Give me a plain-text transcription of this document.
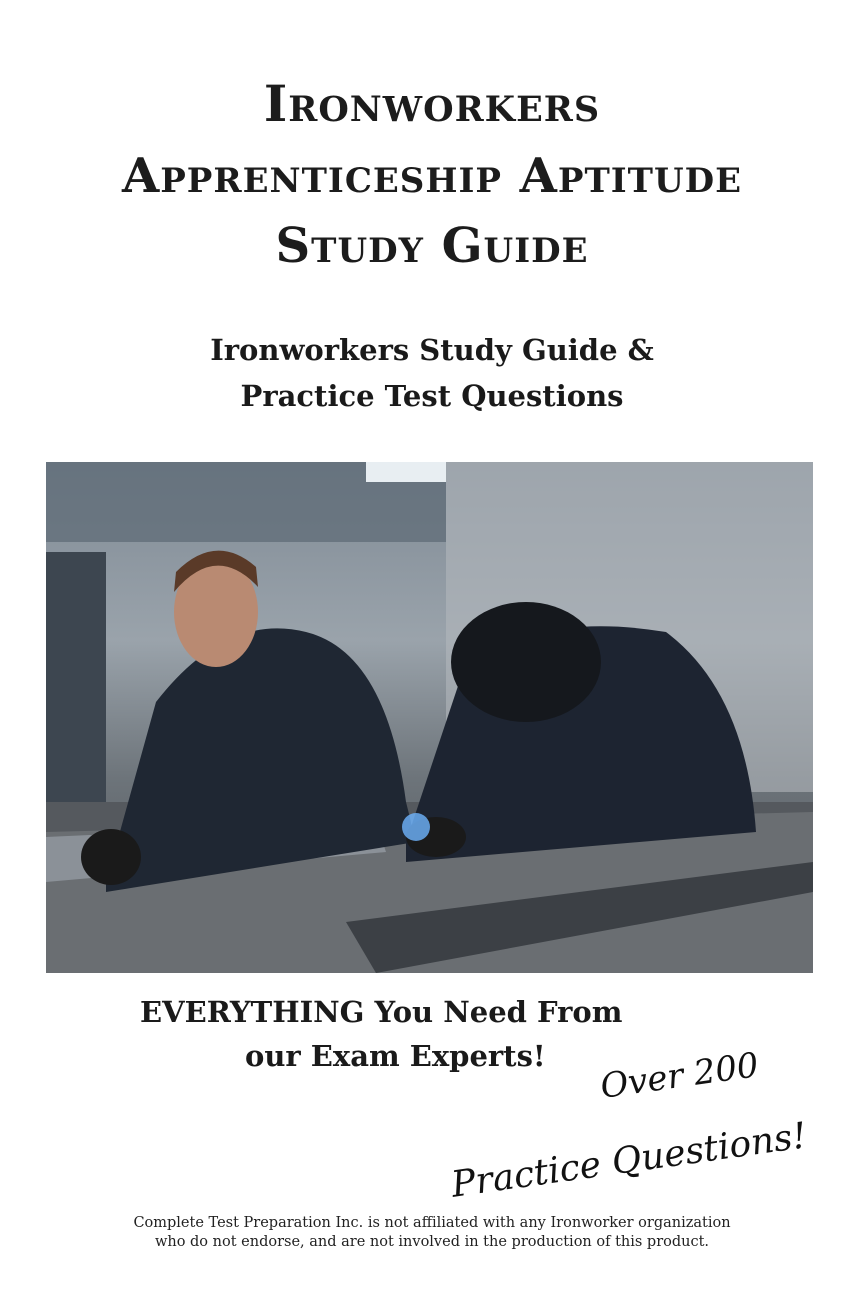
Ironworkers
Apprenticeship Aptitude
Study Guide
Ironworkers Study Guide &
Practice Test Questions
EVERYTHING You Need From
our Exam Experts! Over 200
Practice Questions!
Complete Test Preparation Inc. is not affiliated with any Ironworker organization
who do not endorse, and are not involved in the production of this product.
